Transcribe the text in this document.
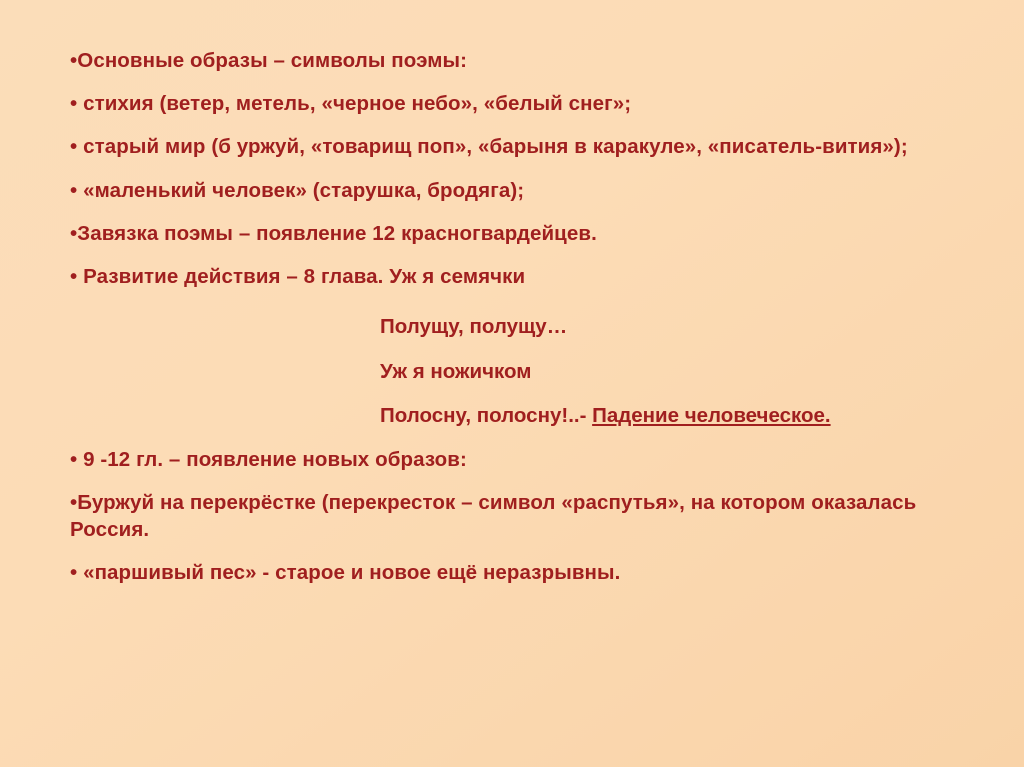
•Основные образы – символы поэмы:

• стихия (ветер, метель, «черное небо», «белый снег»;

• старый мир (б уржуй, «товарищ поп», «барыня в каракуле», «писатель-вития»);

• «маленький человек» (старушка, бродяга);

•Завязка поэмы – появление 12 красногвардейцев.

• Развитие действия – 8 глава. Уж я семячки

Полущу, полущу…

Уж я ножичком

Полосну, полосну!..- Падение человеческое.

• 9 -12 гл. – появление новых образов:

•Буржуй на перекрёстке (перекресток – символ «распутья», на котором оказалась Россия.

• «паршивый пес» - старое и новое ещё неразрывны.
